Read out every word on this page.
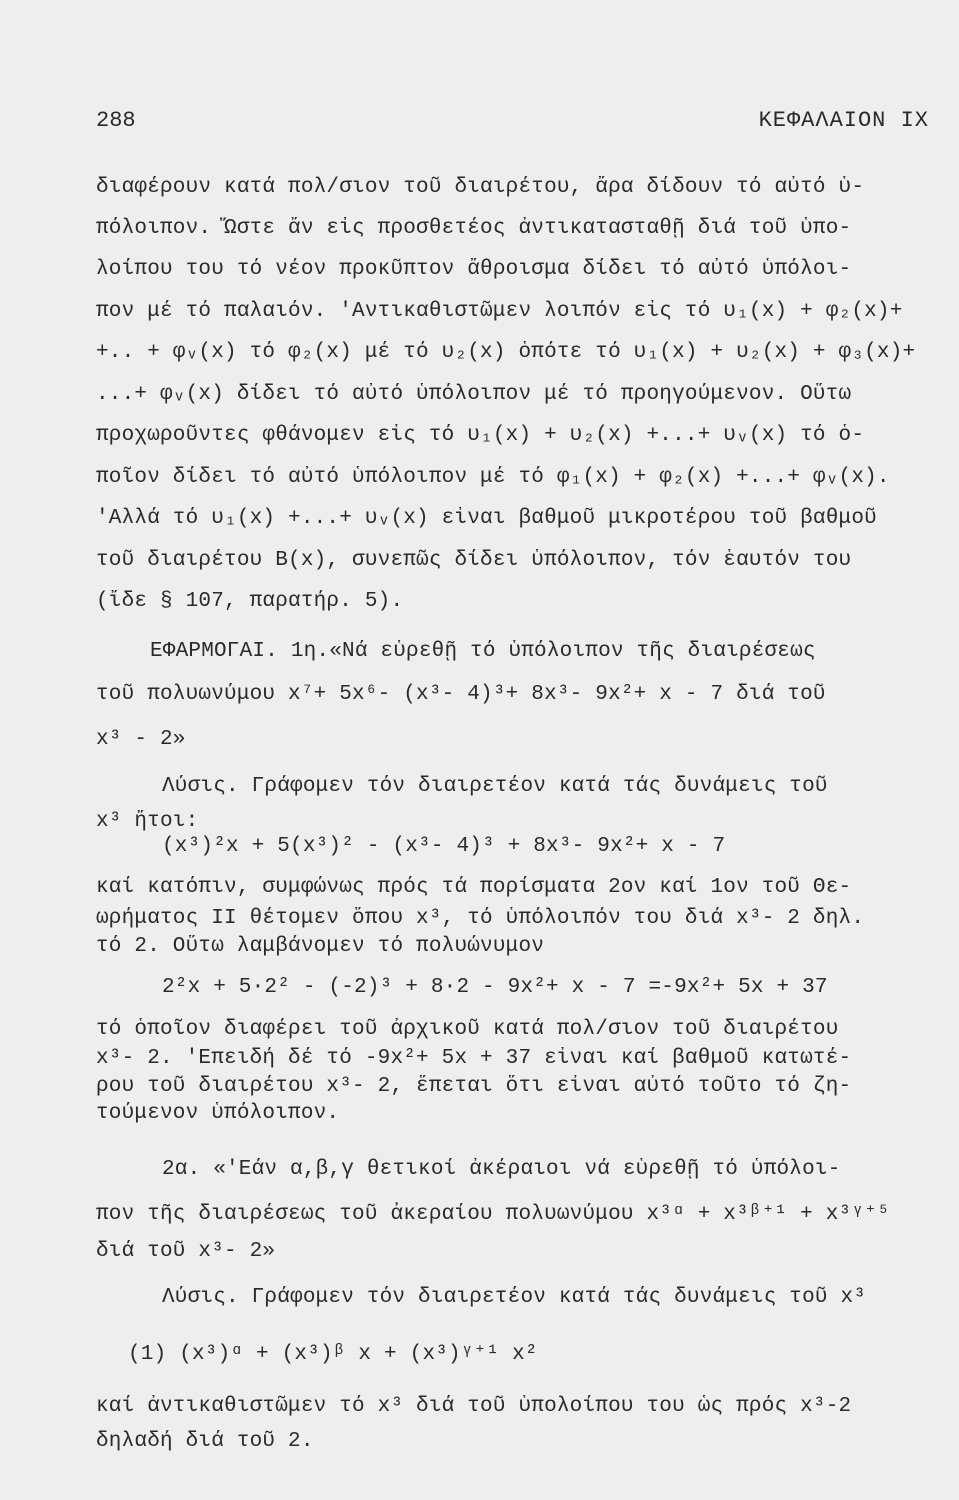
288	ΚΕΦΑΛΑΙΟΝ IX
διαφέρουν κατά πολ/σιον τοῦ διαιρέτου, ἄρα δίδουν τό αὐτό ὑ-
πόλοιπον. Ὥστε ἄν εἰς προσθετέος ἀντικατασταθῇ διά τοῦ ὑπο-
λοίπου του τό νέον προκῦπτον ἄθροισμα δίδει τό αὐτό ὑπόλοι-
πον μέ τό παλαιόν. 'Αντικαθιστῶμεν λοιπόν εἰς τό υ₁(x) + φ₂(x)+
+.. + φᵥ(x) τό φ₂(x) μέ τό υ₂(x) ὁπότε τό υ₁(x) + υ₂(x) + φ₃(x)+
...+ φᵥ(x) δίδει τό αὐτό ὑπόλοιπον μέ τό προηγούμενον. Οὕτω
προχωροῦντες φθάνομεν εἰς τό υ₁(x) + υ₂(x) +...+ υᵥ(x) τό ὁ-
ποῖον δίδει τό αὐτό ὑπόλοιπον μέ τό φ₁(x) + φ₂(x) +...+ φᵥ(x).
'Αλλά τό υ₁(x) +...+ υᵥ(x) εἶναι βαθμοῦ μικροτέρου τοῦ βαθμοῦ
τοῦ διαιρέτου B(x), συνεπῶς δίδει ὑπόλοιπον, τόν ἑαυτόν του
(ἴδε § 107, παρατήρ. 5).
ΕΦΑΡΜΟΓΑΙ. 1η.«Νά εὑρεθῇ τό ὑπόλοιπον τῆς διαιρέσεως
τοῦ πολυωνύμου x⁷+ 5x⁶- (x³- 4)³+ 8x³- 9x²+ x - 7 διά τοῦ
x³ - 2»
Λύσις. Γράφομεν τόν διαιρετέον κατά τάς δυνάμεις τοῦ
x³ ἤτοι:
(x³)²x + 5(x³)² - (x³- 4)³ + 8x³- 9x²+ x - 7
καί κατόπιν, συμφώνως πρός τά πορίσματα 2ον καί 1ον τοῦ Θε-
ωρήματος II θέτομεν ὅπου x³, τό ὑπόλοιπόν του διά x³- 2 δηλ.
τό 2. Οὕτω λαμβάνομεν τό πολυώνυμον
2²x + 5·2² - (-2)³ + 8·2 - 9x²+ x - 7 =-9x²+ 5x + 37
τό ὁποῖον διαφέρει τοῦ ἀρχικοῦ κατά πολ/σιον τοῦ διαιρέτου
x³- 2. 'Επειδή δέ τό -9x²+ 5x + 37 εἶναι καί βαθμοῦ κατωτέ-
ρου τοῦ διαιρέτου x³- 2, ἕπεται ὅτι εἶναι αὐτό τοῦτο τό ζη-
τούμενον ὑπόλοιπον.
2α. «'Εάν α,β,γ θετικοί ἀκέραιοι νά εὑρεθῇ τό ὑπόλοι-
πον τῆς διαιρέσεως τοῦ ἀκεραίου πολυωνύμου x³ᵅ + x³ᵝ⁺¹ + x³ᵞ⁺⁵
διά τοῦ x³- 2»
Λύσις. Γράφομεν τόν διαιρετέον κατά τάς δυνάμεις τοῦ x³
(1) (x³)ᵅ + (x³)ᵝ x + (x³)ᵞ⁺¹ x²
καί ἀντικαθιστῶμεν τό x³ διά τοῦ ὑπολοίπου του ὡς πρός x³-2
δηλαδή διά τοῦ 2.
